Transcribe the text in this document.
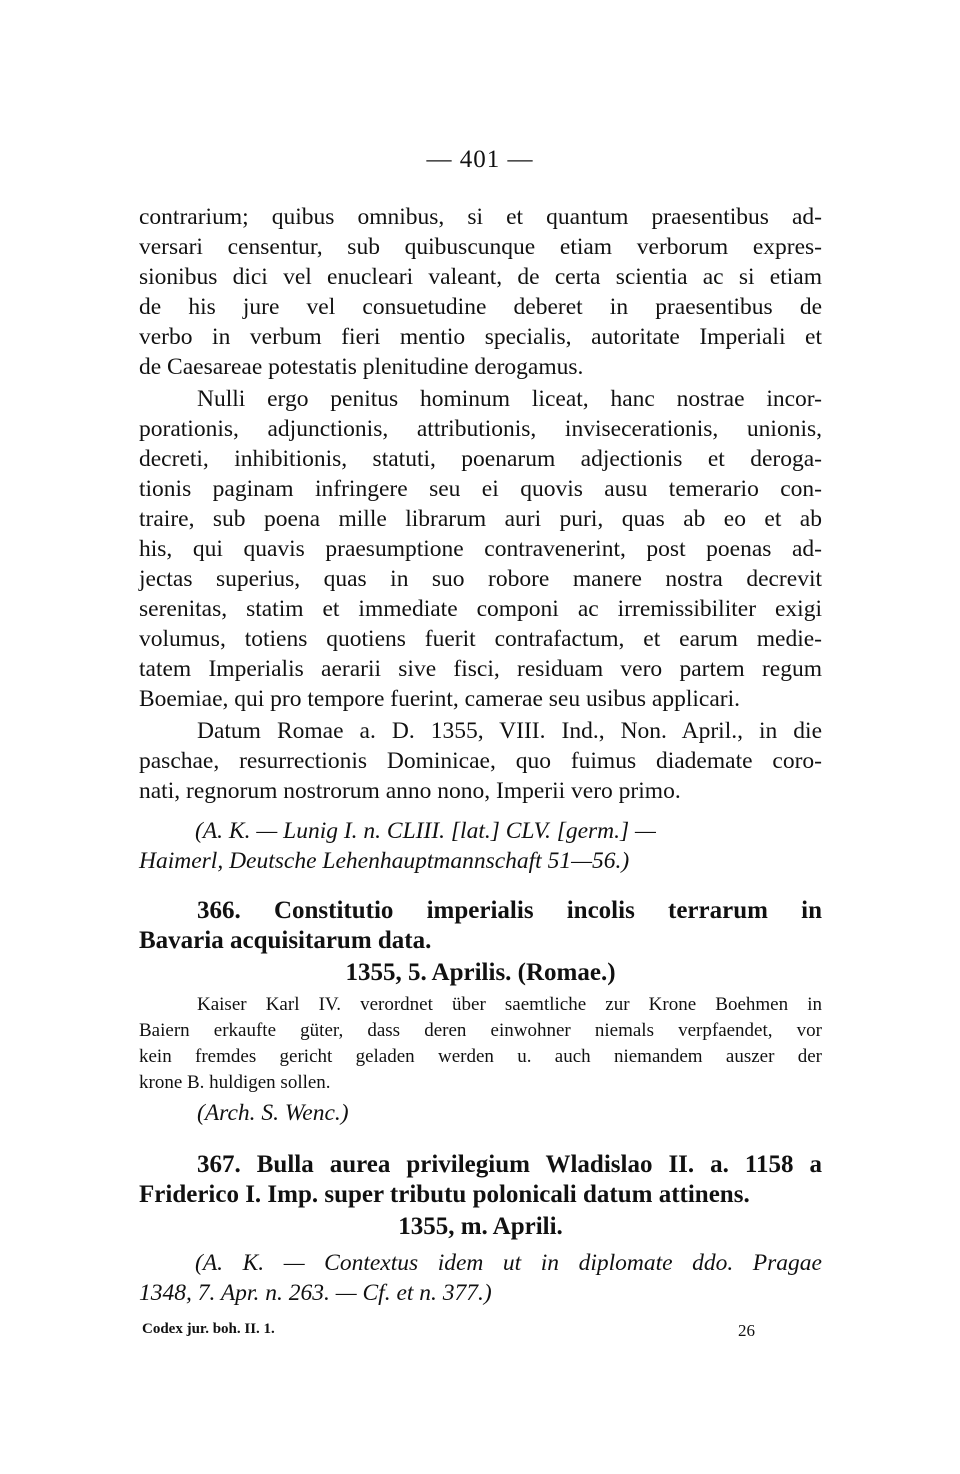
— 401 —
contrarium; quibus omnibus, si et quantum praesentibus ad-
versari censentur, sub quibuscunque etiam verborum expres-
sionibus dici vel enucleari valeant, de certa scientia ac si etiam
de his jure vel consuetudine deberet in praesentibus de
verbo in verbum fieri mentio specialis, autoritate Imperiali et
de Caesareae potestatis plenitudine derogamus.
Nulli ergo penitus hominum liceat, hanc nostrae incor-
porationis, adjunctionis, attributionis, invisecerationis, unionis,
decreti, inhibitionis, statuti, poenarum adjectionis et deroga-
tionis paginam infringere seu ei quovis ausu temerario con-
traire, sub poena mille librarum auri puri, quas ab eo et ab
his, qui quavis praesumptione contravenerint, post poenas ad-
jectas superius, quas in suo robore manere nostra decrevit
serenitas, statim et immediate componi ac irremissibiliter exigi
volumus, totiens quotiens fuerit contrafactum, et earum medie-
tatem Imperialis aerarii sive fisci, residuam vero partem regum
Boemiae, qui pro tempore fuerint, camerae seu usibus applicari.
Datum Romae a. D. 1355, VIII. Ind., Non. April., in die
paschae, resurrectionis Dominicae, quo fuimus diademate coro-
nati, regnorum nostrorum anno nono, Imperii vero primo.
(A. K. — Lunig I. n. CLIII. [lat.] CLV. [germ.] —
Haimerl, Deutsche Lehenhauptmannschaft 51—56.)
366. Constitutio imperialis incolis terrarum in
Bavaria acquisitarum data.
1355, 5. Aprilis. (Romae.)
Kaiser Karl IV. verordnet über saemtliche zur Krone Boehmen in
Baiern erkaufte güter, dass deren einwohner niemals verpfaendet, vor
kein fremdes gericht geladen werden u. auch niemandem auszer der
krone B. huldigen sollen.
(Arch. S. Wenc.)
367. Bulla aurea privilegium Wladislao II. a. 1158 a
Friderico I. Imp. super tributu polonicali datum attinens.
1355, m. Aprili.
(A. K. — Contextus idem ut in diplomate ddo. Pragae
1348, 7. Apr. n. 263. — Cf. et n. 377.)
Codex jur. boh. II. 1.	26
